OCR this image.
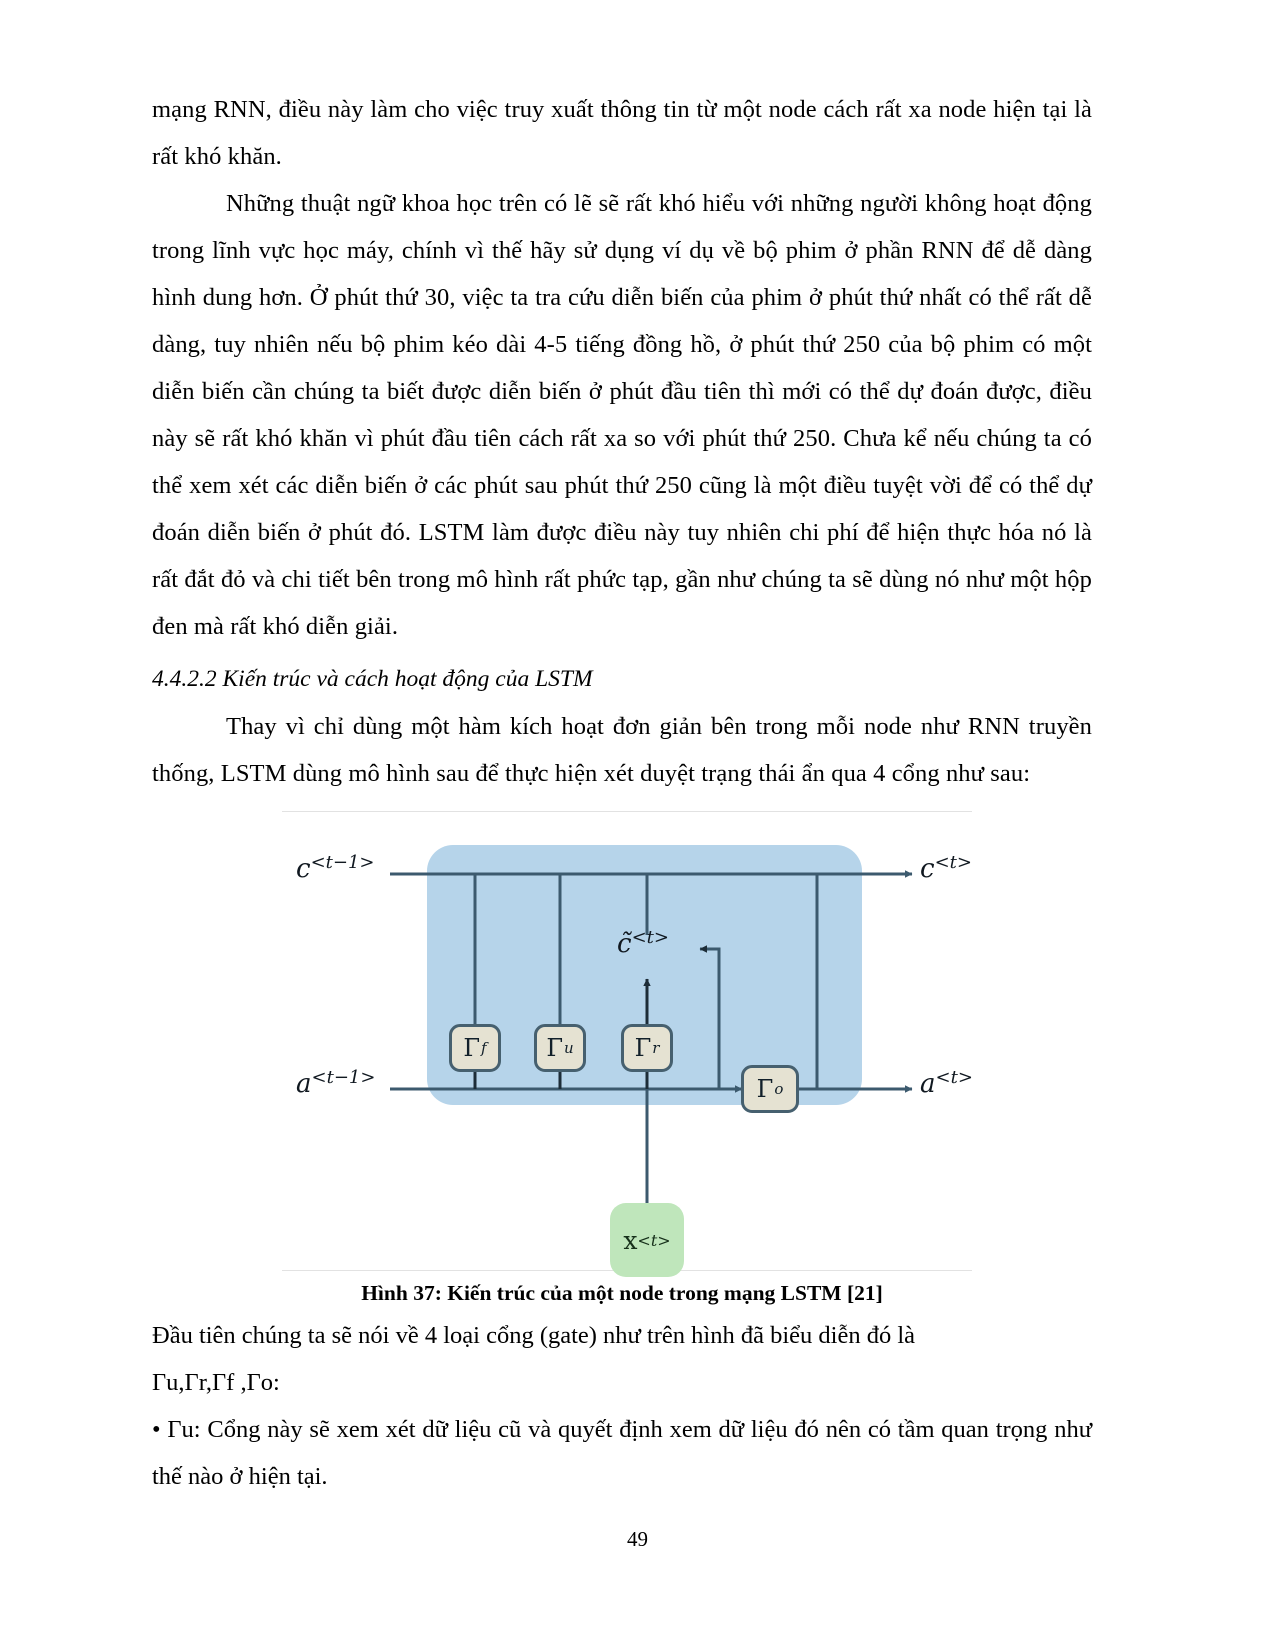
mạng RNN, điều này làm cho việc truy xuất thông tin từ một node cách rất xa node hiện tại là rất khó khăn.

Những thuật ngữ khoa học trên có lẽ sẽ rất khó hiểu với những người không hoạt động trong lĩnh vực học máy, chính vì thế hãy sử dụng ví dụ về bộ phim ở phần RNN để dễ dàng hình dung hơn. Ở phút thứ 30, việc ta tra cứu diễn biến của phim ở phút thứ nhất có thể rất dễ dàng, tuy nhiên nếu bộ phim kéo dài 4-5 tiếng đồng hồ, ở phút thứ 250 của bộ phim có một diễn biến cần chúng ta biết được diễn biến ở phút đầu tiên thì mới có thể dự đoán được, điều này sẽ rất khó khăn vì phút đầu tiên cách rất xa so với phút thứ 250. Chưa kể nếu chúng ta có thể xem xét các diễn biến ở các phút sau phút thứ 250 cũng là một điều tuyệt vời để có thể dự đoán diễn biến ở phút đó. LSTM làm được điều này tuy nhiên chi phí để hiện thực hóa nó là rất đắt đỏ và chi tiết bên trong mô hình rất phức tạp, gần như chúng ta sẽ dùng nó như một hộp đen mà rất khó diễn giải.

4.4.2.2 Kiến trúc và cách hoạt động của LSTM

Thay vì chỉ dùng một hàm kích hoạt đơn giản bên trong mỗi node như RNN truyền thống, LSTM dùng mô hình sau để thực hiện xét duyệt trạng thái ẩn qua 4 cổng như sau:

Γ f Γ u	Γ r
Γ o
x <t>
$c^{<t-1>}$	$c^{<t>}$
$a^{<t-1>}$	$a^{<t>}$
c̃$^{<t>}$

Hình 37: Kiến trúc của một node trong mạng LSTM [21]

Đầu tiên chúng ta sẽ nói về 4 loại cổng (gate) như trên hình đã biểu diễn đó là

Γu,Γr,Γf ,Γo:

• Γu: Cổng này sẽ xem xét dữ liệu cũ và quyết định xem dữ liệu đó nên có tầm quan trọng như thế nào ở hiện tại.

49
